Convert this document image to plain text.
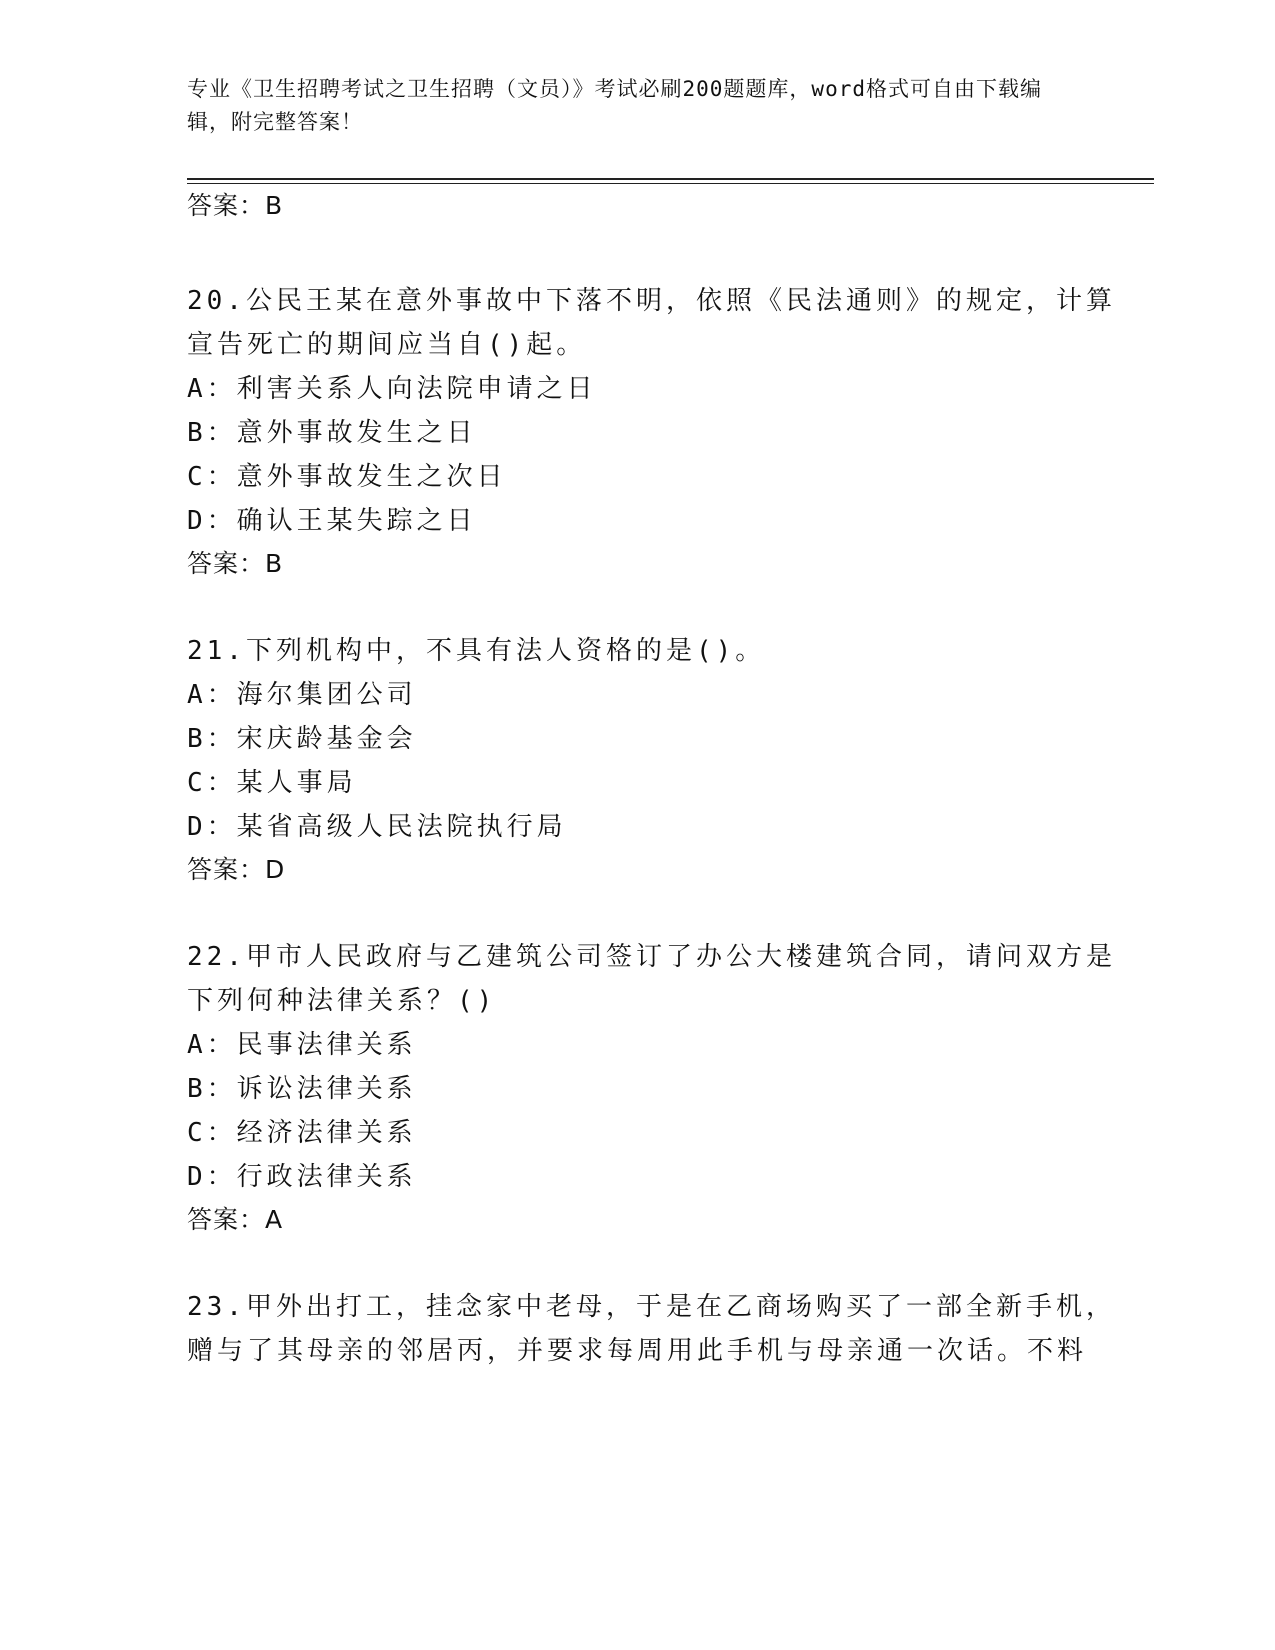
专业《卫生招聘考试之卫生招聘（文员）》考试必刷200题题库，word格式可自由下载编辑，附完整答案！
答案：B
20.公民王某在意外事故中下落不明，依照《民法通则》的规定，计算
宣告死亡的期间应当自()起。
A：利害关系人向法院申请之日
B：意外事故发生之日
C：意外事故发生之次日
D：确认王某失踪之日
答案：B
21.下列机构中，不具有法人资格的是()。
A：海尔集团公司
B：宋庆龄基金会
C：某人事局
D：某省高级人民法院执行局
答案：D
22.甲市人民政府与乙建筑公司签订了办公大楼建筑合同，请问双方是
下列何种法律关系？()
A：民事法律关系
B：诉讼法律关系
C：经济法律关系
D：行政法律关系
答案：A
23.甲外出打工，挂念家中老母，于是在乙商场购买了一部全新手机，
赠与了其母亲的邻居丙，并要求每周用此手机与母亲通一次话。不料
